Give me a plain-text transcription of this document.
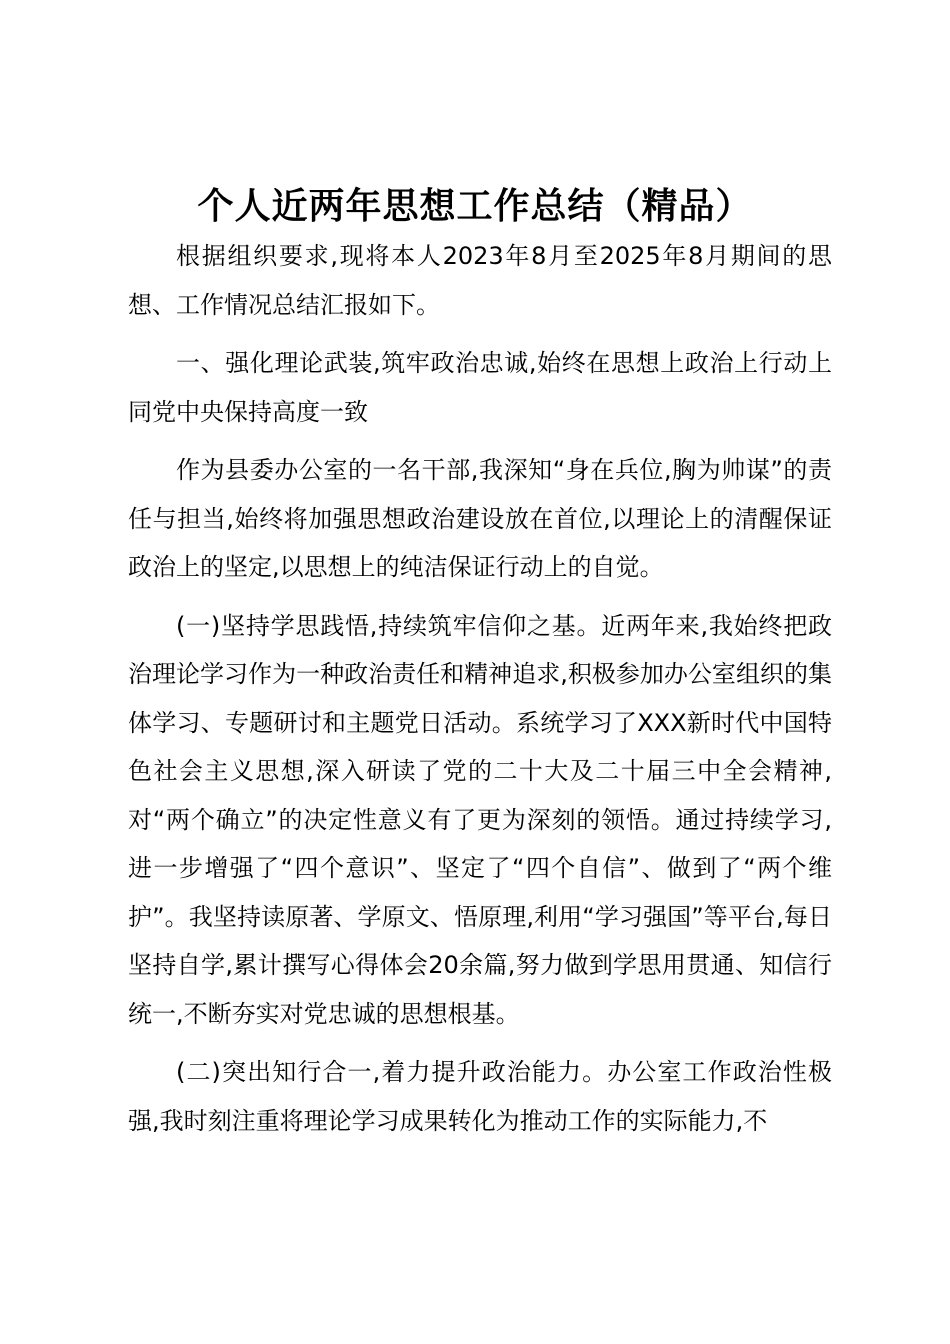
个人近两年思想工作总结（精品）

根据组织要求,现将本人2023年8月至2025年8月期间的思想、工作情况总结汇报如下。

一、强化理论武装,筑牢政治忠诚,始终在思想上政治上行动上同党中央保持高度一致

作为县委办公室的一名干部,我深知“身在兵位,胸为帅谋”的责任与担当,始终将加强思想政治建设放在首位,以理论上的清醒保证政治上的坚定,以思想上的纯洁保证行动上的自觉。

(一)坚持学思践悟,持续筑牢信仰之基。近两年来,我始终把政治理论学习作为一种政治责任和精神追求,积极参加办公室组织的集体学习、专题研讨和主题党日活动。系统学习了XXX新时代中国特色社会主义思想,深入研读了党的二十大及二十届三中全会精神,对“两个确立”的决定性意义有了更为深刻的领悟。通过持续学习,进一步增强了“四个意识”、坚定了“四个自信”、做到了“两个维护”。我坚持读原著、学原文、悟原理,利用“学习强国”等平台,每日坚持自学,累计撰写心得体会20余篇,努力做到学思用贯通、知信行统一,不断夯实对党忠诚的思想根基。

(二)突出知行合一,着力提升政治能力。办公室工作政治性极强,我时刻注重将理论学习成果转化为推动工作的实际能力,不
